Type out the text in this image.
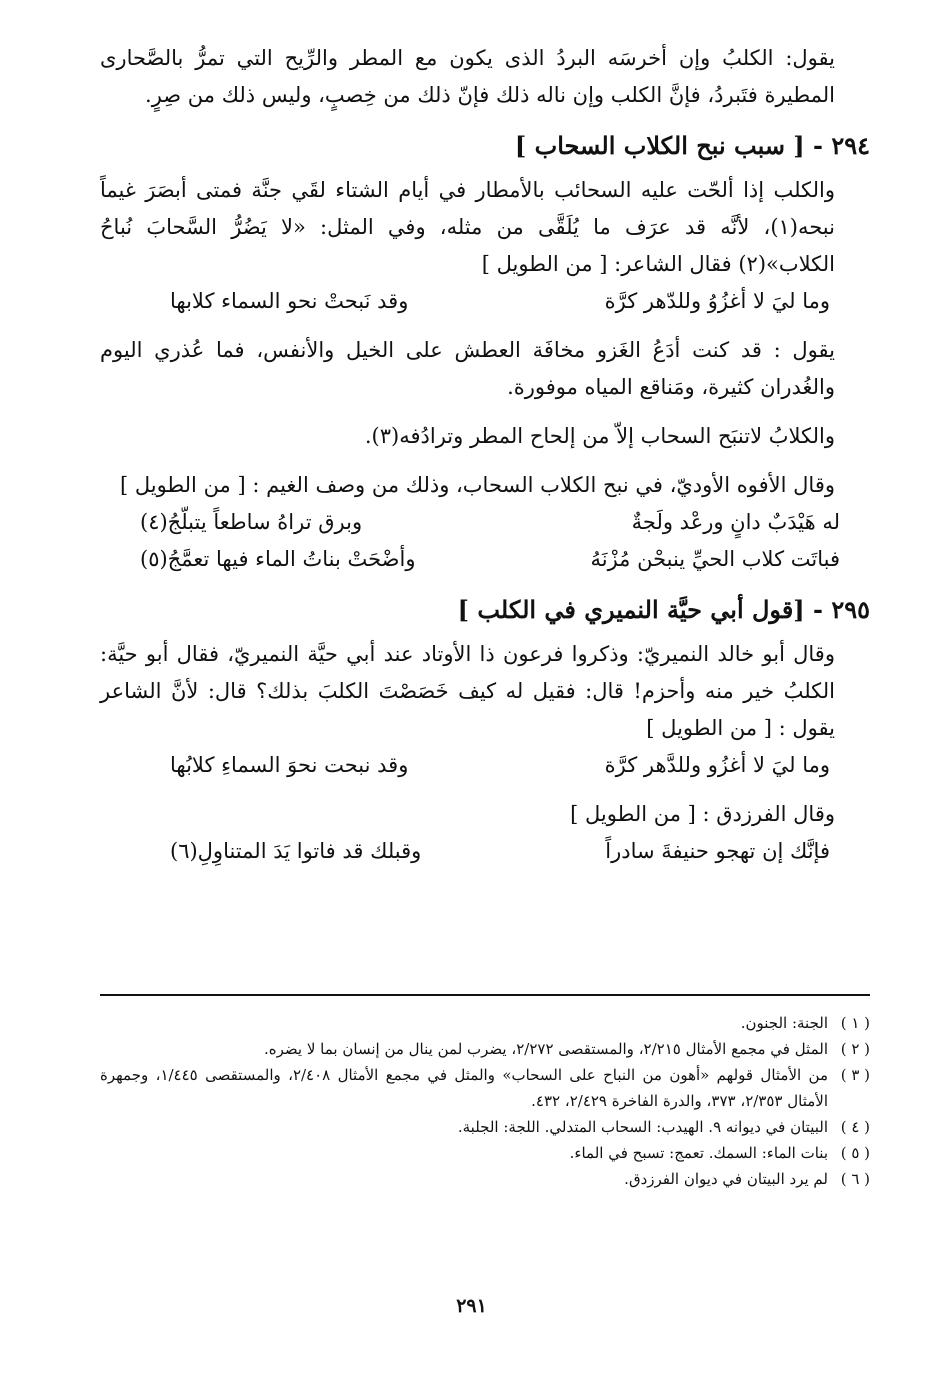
يقول: الكلبُ وإن أخرسَه البردُ الذى يكون مع المطر والرِّيح التي تمرُّ بالصَّحارى المطيرة فتَبردُ، فإنَّ الكلب وإن ناله ذلك فإنّ ذلك من خِصبٍ، وليس ذلك من صِرٍ.

٢٩٤ - [ سبب نبح الكلاب السحاب ]

والكلب إذا ألحّت عليه السحائب بالأمطار في أيام الشتاء لقَي جنَّة فمتى أبصَرَ غيماً نبحه(١)، لأنَّه قد عرَف ما يُلَقَّى من مثله، وفي المثل: «لا يَضُرُّ السَّحابَ نُباحُ الكلاب»(٢) فقال الشاعر: [ من الطويل ]

وما ليَ لا أغزُوُ وللدّهر كرَّة
وقد نَبحتْ نحو السماء كلابها

يقول : قد كنت أدَعُ الغَزو مخافَة العطش على الخيل والأنفس، فما عُذري اليوم والغُدران كثيرة، ومَناقع المياه موفورة.

والكلابُ لاتنبَح السحاب إلاّ من إلحاح المطر وترادُفه(٣).

وقال الأفوه الأوديّ، في نبح الكلاب السحاب، وذلك من وصف الغيم : [ من الطويل ]

له هَيْدَبٌ دانٍ ورعْد ولَجةٌ
وبرق تراهُ ساطعاً يتبلّجُ(٤)
فباتَت كلاب الحيِّ ينبحْن مُزْنَهُ
وأضْحَتْ بناتُ الماء فيها تعمَّجُ(٥)
٢٩٥ - [قول أبي حيَّة النميري في الكلب ]

وقال أبو خالد النميريّ: وذكروا فرعون ذا الأوتاد عند أبي حيَّة النميريّ، فقال أبو حيَّة: الكلبُ خير منه وأحزم! قال: فقيل له كيف خَصَصْتَ الكلبَ بذلك؟ قال: لأنَّ الشاعر يقول : [ من الطويل ]

وما ليَ لا أغزُو وللدَّهر كرَّة
وقد نبحت نحوَ السماءِ كلابُها

وقال الفرزدق : [ من الطويل ]

فإنَّك إن تهجو حنيفةَ سادراً
وقبلك قد فاتوا يَدَ المتناوِلِ(٦)
( ١ )
الجنة: الجنون.
( ٢ )
المثل في مجمع الأمثال ٢/٢١٥، والمستقصى ٢/٢٧٢، يضرب لمن ينال من إنسان بما لا يضره.
( ٣ )
من الأمثال قولهم «أهون من النباح على السحاب» والمثل في مجمع الأمثال ٢/٤٠٨، والمستقصى ١/٤٤٥، وجمهرة الأمثال ٢/٣٥٣، ٣٧٣، والدرة الفاخرة ٢/٤٢٩، ٤٣٢.
( ٤ )
البيتان في ديوانه ٩. الهيدب: السحاب المتدلي. اللجة: الجلبة.
( ٥ )
بنات الماء: السمك. تعمج: تسبح في الماء.
( ٦ )
لم يرد البيتان في ديوان الفرزدق.
٢٩١
